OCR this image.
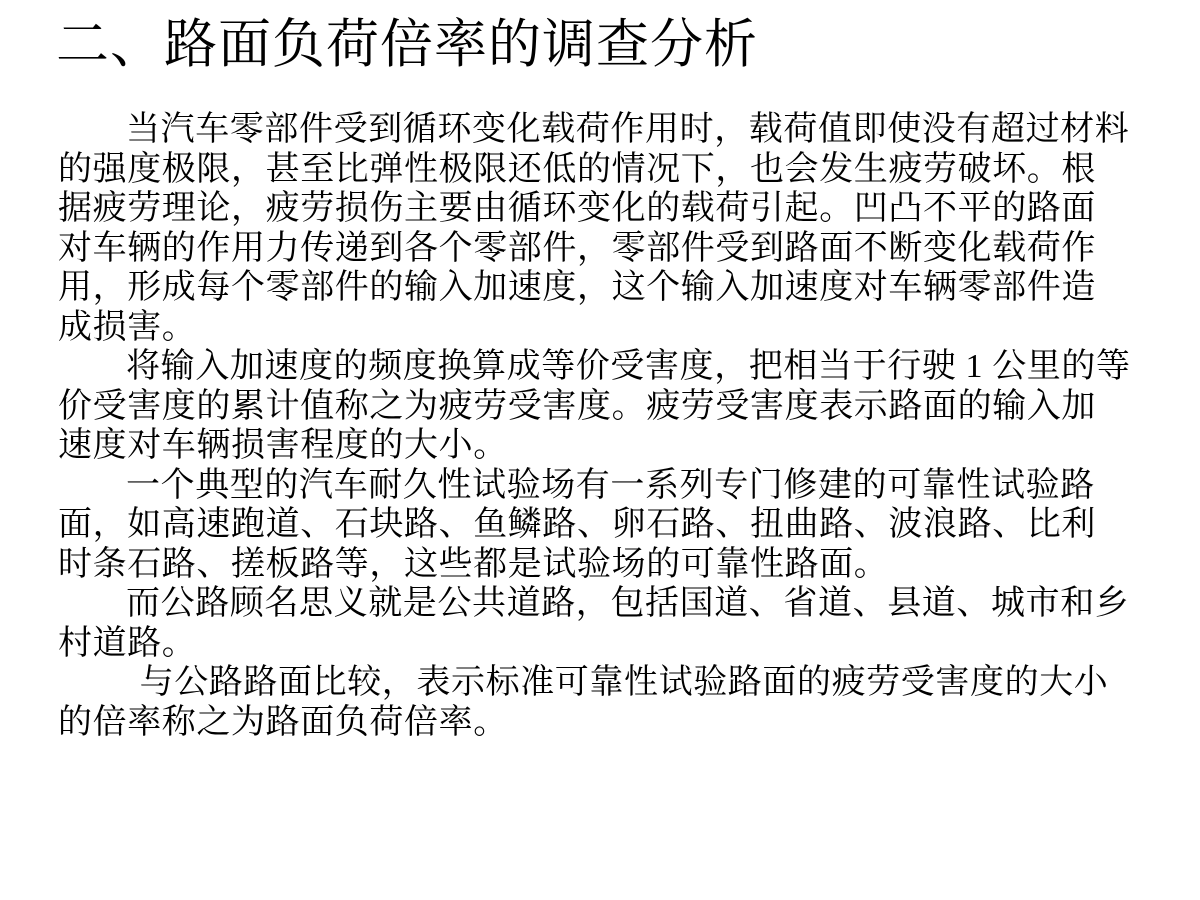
二、路面负荷倍率的调查分析
当汽车零部件受到循环变化载荷作用时，载荷值即使没有超过材料
的强度极限，甚至比弹性极限还低的情况下，也会发生疲劳破坏。根
据疲劳理论，疲劳损伤主要由循环变化的载荷引起。凹凸不平的路面
对车辆的作用力传递到各个零部件，零部件受到路面不断变化载荷作
用，形成每个零部件的输入加速度，这个输入加速度对车辆零部件造
成损害。
将输入加速度的频度换算成等价受害度，把相当于行驶 1 公里的等
价受害度的累计值称之为疲劳受害度。疲劳受害度表示路面的输入加
速度对车辆损害程度的大小。
一个典型的汽车耐久性试验场有一系列专门修建的可靠性试验路
面，如高速跑道、石块路、鱼鳞路、卵石路、扭曲路、波浪路、比利
时条石路、搓板路等，这些都是试验场的可靠性路面。
而公路顾名思义就是公共道路，包括国道、省道、县道、城市和乡
村道路。
与公路路面比较，表示标准可靠性试验路面的疲劳受害度的大小
的倍率称之为路面负荷倍率。
